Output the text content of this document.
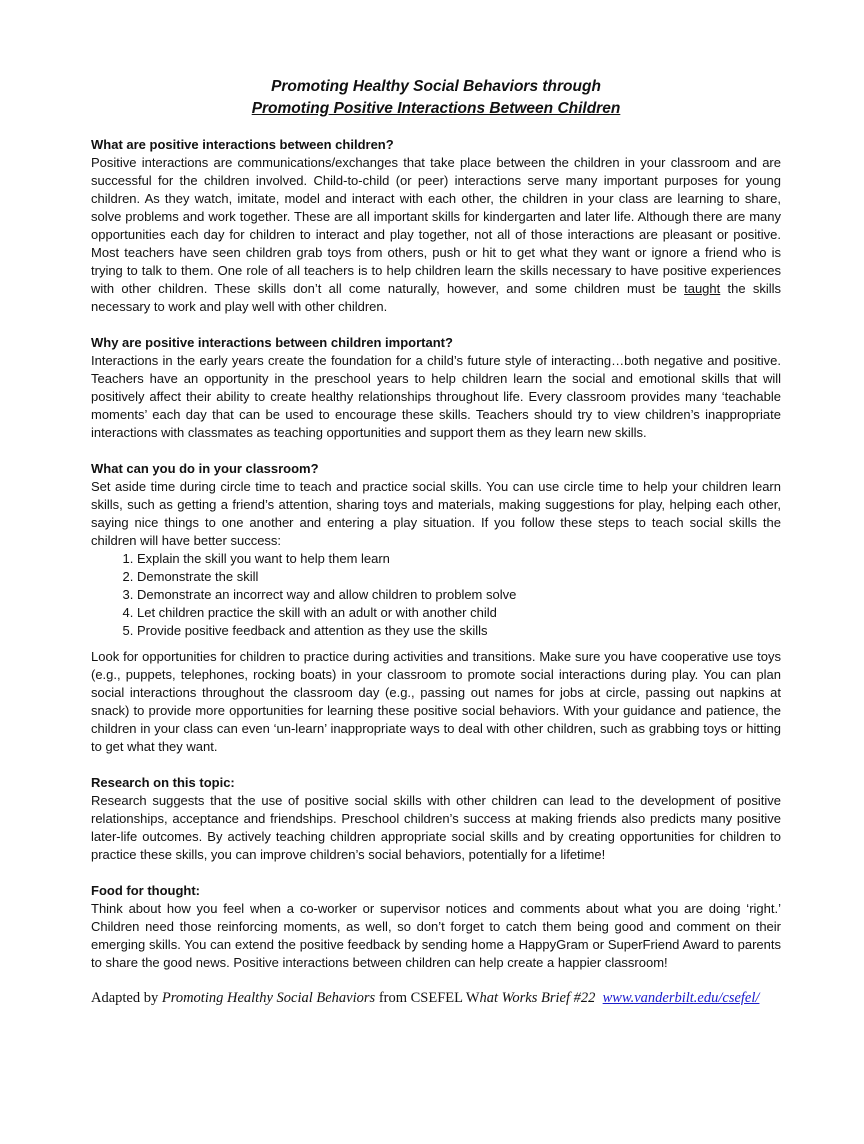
Promoting Healthy Social Behaviors through

Promoting Positive Interactions Between Children

What are positive interactions between children?

Positive interactions are communications/exchanges that take place between the children in your classroom and are successful for the children involved. Child-to-child (or peer) interactions serve many important purposes for young children. As they watch, imitate, model and interact with each other, the children in your class are learning to share, solve problems and work together. These are all important skills for kindergarten and later life. Although there are many opportunities each day for children to interact and play together, not all of those interactions are pleasant or positive. Most teachers have seen children grab toys from others, push or hit to get what they want or ignore a friend who is trying to talk to them. One role of all teachers is to help children learn the skills necessary to have positive experiences with other children. These skills don’t all come naturally, however, and some children must be taught the skills necessary to work and play well with other children.

Why are positive interactions between children important?

Interactions in the early years create the foundation for a child’s future style of interacting…both negative and positive. Teachers have an opportunity in the preschool years to help children learn the social and emotional skills that will positively affect their ability to create healthy relationships throughout life. Every classroom provides many ‘teachable moments’ each day that can be used to encourage these skills. Teachers should try to view children’s inappropriate interactions with classmates as teaching opportunities and support them as they learn new skills.

What can you do in your classroom?

Set aside time during circle time to teach and practice social skills. You can use circle time to help your children learn skills, such as getting a friend’s attention, sharing toys and materials, making suggestions for play, helping each other, saying nice things to one another and entering a play situation. If you follow these steps to teach social skills the children will have better success:

1. Explain the skill you want to help them learn
2. Demonstrate the skill
3. Demonstrate an incorrect way and allow children to problem solve
4. Let children practice the skill with an adult or with another child
5. Provide positive feedback and attention as they use the skills

Look for opportunities for children to practice during activities and transitions. Make sure you have cooperative use toys (e.g., puppets, telephones, rocking boats) in your classroom to promote social interactions during play. You can plan social interactions throughout the classroom day (e.g., passing out names for jobs at circle, passing out napkins at snack) to provide more opportunities for learning these positive social behaviors. With your guidance and patience, the children in your class can even ‘un-learn’ inappropriate ways to deal with other children, such as grabbing toys or hitting to get what they want.

Research on this topic:

Research suggests that the use of positive social skills with other children can lead to the development of positive relationships, acceptance and friendships. Preschool children’s success at making friends also predicts many positive later-life outcomes. By actively teaching children appropriate social skills and by creating opportunities for children to practice these skills, you can improve children’s social behaviors, potentially for a lifetime!

Food for thought:

Think about how you feel when a co-worker or supervisor notices and comments about what you are doing ‘right.’ Children need those reinforcing moments, as well, so don’t forget to catch them being good and comment on their emerging skills. You can extend the positive feedback by sending home a HappyGram or SuperFriend Award to parents to share the good news. Positive interactions between children can help create a happier classroom!

Adapted by Promoting Healthy Social Behaviors from CSEFEL What Works Brief #22 www.vanderbilt.edu/csefel/
